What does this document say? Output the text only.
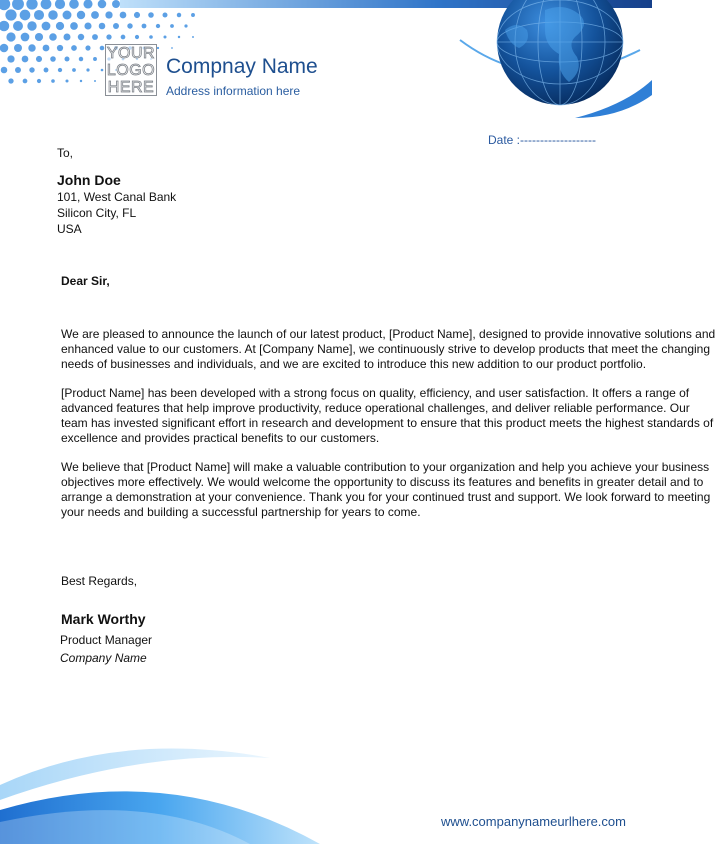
YOUR
LOGO
HERE
Compnay Name
Address information here
Date :-------------------
To,
John Doe
101, West Canal Bank
Silicon City, FL
USA
Dear Sir,

We are pleased to announce the launch of our latest product, [Product Name], designed to provide innovative solutions and
enhanced value to our customers. At [Company Name], we continuously strive to develop products that meet the changing
needs of businesses and individuals, and we are excited to introduce this new addition to our product portfolio.

[Product Name] has been developed with a strong focus on quality, efficiency, and user satisfaction. It offers a range of
advanced features that help improve productivity, reduce operational challenges, and deliver reliable performance. Our
team has invested significant effort in research and development to ensure that this product meets the highest standards of
excellence and provides practical benefits to our customers.

We believe that [Product Name] will make a valuable contribution to your organization and help you achieve your business
objectives more effectively. We would welcome the opportunity to discuss its features and benefits in greater detail and to
arrange a demonstration at your convenience. Thank you for your continued trust and support. We look forward to meeting
your needs and building a successful partnership for years to come.

Best Regards,
Mark Worthy
Product Manager
Company Name
www.companynameurlhere.com
